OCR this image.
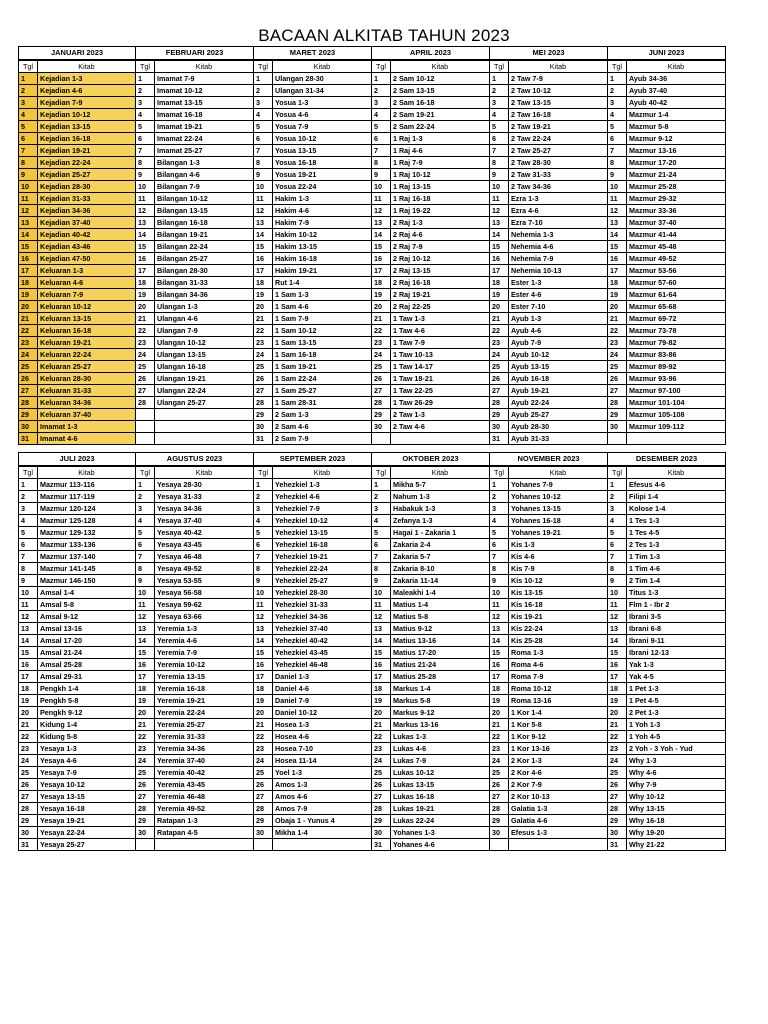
BACAAN ALKITAB TAHUN 2023
JANUARI 2023
Tgl	Kitab
1	Kejadian 1-3
2	Kejadian 4-6
3	Kejadian 7-9
4	Kejadian 10-12
5	Kejadian 13-15
6	Kejadian 16-18
7	Kejadian 19-21
8	Kejadian 22-24
9	Kejadian 25-27
10	Kejadian 28-30
11	Kejadian 31-33
12	Kejadian 34-36
13	Kejadian 37-40
14	Kejadian 40-42
15	Kejadian 43-46
16	Kejadian 47-50
17	Keluaran 1-3
18	Keluaran 4-6
19	Keluaran 7-9
20	Keluaran 10-12
21	Keluaran 13-15
22	Keluaran 16-18
23	Keluaran 19-21
24	Keluaran 22-24
25	Keluaran 25-27
26	Keluaran 28-30
27	Keluaran 31-33
28	Keluaran 34-36
29	Keluaran 37-40
30	Imamat 1-3
31	Imamat 4-6
FEBRUARI 2023
Tgl	Kitab
1	Imamat 7-9
2	Imamat 10-12
3	Imamat 13-15
4	Imamat 16-18
5	Imamat 19-21
6	Imamat 22-24
7	Imamat 25-27
8	Bilangan 1-3
9	Bilangan 4-6
10	Bilangan 7-9
11	Bilangan 10-12
12	Bilangan 13-15
13	Bilangan 16-18
14	Bilangan 19-21
15	Bilangan 22-24
16	Bilangan 25-27
17	Bilangan 28-30
18	Bilangan 31-33
19	Bilangan 34-36
20	Ulangan 1-3
21	Ulangan 4-6
22	Ulangan 7-9
23	Ulangan 10-12
24	Ulangan 13-15
25	Ulangan 16-18
26	Ulangan 19-21
27	Ulangan 22-24
28	Ulangan 25-27

MARET 2023
Tgl	Kitab
1	Ulangan 28-30
2	Ulangan 31-34
3	Yosua 1-3
4	Yosua 4-6
5	Yosua 7-9
6	Yosua 10-12
7	Yosua 13-15
8	Yosua 16-18
9	Yosua 19-21
10	Yosua 22-24
11	Hakim 1-3
12	Hakim 4-6
13	Hakim 7-9
14	Hakim 10-12
15	Hakim 13-15
16	Hakim 16-18
17	Hakim 19-21
18	Rut 1-4
19	1 Sam 1-3
20	1 Sam 4-6
21	1 Sam 7-9
22	1 Sam 10-12
23	1 Sam 13-15
24	1 Sam 16-18
25	1 Sam 19-21
26	1 Sam 22-24
27	1 Sam 25-27
28	1 Sam 28-31
29	2 Sam 1-3
30	2 Sam 4-6
31	2 Sam 7-9
APRIL 2023
Tgl	Kitab
1	2 Sam 10-12
2	2 Sam 13-15
3	2 Sam 16-18
4	2 Sam 19-21
5	2 Sam 22-24
6	1 Raj 1-3
7	1 Raj 4-6
8	1 Raj 7-9
9	1 Raj 10-12
10	1 Raj 13-15
11	1 Raj 16-18
12	1 Raj 19-22
13	2 Raj 1-3
14	2 Raj 4-6
15	2 Raj 7-9
16	2 Raj 10-12
17	2 Raj 13-15
18	2 Raj 16-18
19	2 Raj 19-21
20	2 Raj 22-25
21	1 Taw 1-3
22	1 Taw 4-6
23	1 Taw 7-9
24	1 Taw 10-13
25	1 Taw 14-17
26	1 Taw 18-21
27	1 Taw 22-25
28	1 Taw 26-29
29	2 Taw 1-3
30	2 Taw 4-6

MEI 2023
Tgl	Kitab
1	2 Taw 7-9
2	2 Taw 10-12
3	2 Taw 13-15
4	2 Taw 16-18
5	2 Taw 19-21
6	2 Taw 22-24
7	2 Taw 25-27
8	2 Taw 28-30
9	2 Taw 31-33
10	2 Taw 34-36
11	Ezra 1-3
12	Ezra 4-6
13	Ezra 7-10
14	Nehemia 1-3
15	Nehemia 4-6
16	Nehemia 7-9
17	Nehemia 10-13
18	Ester 1-3
19	Ester 4-6
20	Ester 7-10
21	Ayub 1-3
22	Ayub 4-6
23	Ayub 7-9
24	Ayub 10-12
25	Ayub 13-15
26	Ayub 16-18
27	Ayub 19-21
28	Ayub 22-24
29	Ayub 25-27
30	Ayub 28-30
31	Ayub 31-33
JUNI 2023
Tgl	Kitab
1	Ayub 34-36
2	Ayub 37-40
3	Ayub 40-42
4	Mazmur 1-4
5	Mazmur 5-8
6	Mazmur 9-12
7	Mazmur 13-16
8	Mazmur 17-20
9	Mazmur 21-24
10	Mazmur 25-28
11	Mazmur 29-32
12	Mazmur 33-36
13	Mazmur 37-40
14	Mazmur 41-44
15	Mazmur 45-48
16	Mazmur 49-52
17	Mazmur 53-56
18	Mazmur 57-60
19	Mazmur 61-64
20	Mazmur 65-68
21	Mazmur 69-72
22	Mazmur 73-78
23	Mazmur 79-82
24	Mazmur 83-86
25	Mazmur 89-92
26	Mazmur 93-96
27	Mazmur 97-100
28	Mazmur 101-104
29	Mazmur 105-108
30	Mazmur 109-112

JULI 2023
Tgl	Kitab
1	Mazmur 113-116
2	Mazmur 117-119
3	Mazmur 120-124
4	Mazmur 125-128
5	Mazmur 129-132
6	Mazmur 133-136
7	Mazmur 137-140
8	Mazmur 141-145
9	Mazmur 146-150
10	Amsal 1-4
11	Amsal 5-8
12	Amsal 9-12
13	Amsal 13-16
14	Amsal 17-20
15	Amsal 21-24
16	Amsal 25-28
17	Amsal 29-31
18	Pengkh 1-4
19	Pengkh 5-8
20	Pengkh 9-12
21	Kidung 1-4
22	Kidung 5-8
23	Yesaya 1-3
24	Yesaya 4-6
25	Yesaya 7-9
26	Yesaya 10-12
27	Yesaya 13-15
28	Yesaya 16-18
29	Yesaya 19-21
30	Yesaya 22-24
31	Yesaya 25-27
AGUSTUS 2023
Tgl	Kitab
1	Yesaya 28-30
2	Yesaya 31-33
3	Yesaya 34-36
4	Yesaya 37-40
5	Yesaya 40-42
6	Yesaya 43-45
7	Yesaya 46-48
8	Yesaya 49-52
9	Yesaya 53-55
10	Yesaya 56-58
11	Yesaya 59-62
12	Yesaya 63-66
13	Yeremia 1-3
14	Yeremia 4-6
15	Yeremia 7-9
16	Yeremia 10-12
17	Yeremia 13-15
18	Yeremia 16-18
19	Yeremia 19-21
20	Yeremia 22-24
21	Yeremia 25-27
22	Yeremia 31-33
23	Yeremia 34-36
24	Yeremia 37-40
25	Yeremia 40-42
26	Yeremia 43-45
27	Yeremia 46-48
28	Yeremia 49-52
29	Ratapan 1-3
30	Ratapan 4-5

SEPTEMBER 2023
Tgl	Kitab
1	Yehezkiel 1-3
2	Yehezkiel 4-6
3	Yehezkiel 7-9
4	Yehezkiel 10-12
5	Yehezkiel 13-15
6	Yehezkiel 16-18
7	Yehezkiel 19-21
8	Yehezkiel 22-24
9	Yehezkiel 25-27
10	Yehezkiel 28-30
11	Yehezkiel 31-33
12	Yehezkiel 34-36
13	Yehezkiel 37-40
14	Yehezkiel 40-42
15	Yehezkiel 43-45
16	Yehezkiel 46-48
17	Daniel 1-3
18	Daniel 4-6
19	Daniel 7-9
20	Daniel 10-12
21	Hosea 1-3
22	Hosea 4-6
23	Hosea 7-10
24	Hosea 11-14
25	Yoel 1-3
26	Amos 1-3
27	Amos 4-6
28	Amos 7-9
29	Obaja 1 - Yunus 4
30	Mikha 1-4

OKTOBER 2023
Tgl	Kitab
1	Mikha 5-7
2	Nahum 1-3
3	Habakuk 1-3
4	Zefanya 1-3
5	Hagai 1 - Zakaria 1
6	Zakaria 2-4
7	Zakaria 5-7
8	Zakaria 8-10
9	Zakaria 11-14
10	Maleakhi 1-4
11	Matius 1-4
12	Matius 5-8
13	Matius 9-12
14	Matius 13-16
15	Matius 17-20
16	Matius 21-24
17	Matius 25-28
18	Markus 1-4
19	Markus 5-8
20	Markus 9-12
21	Markus 13-16
22	Lukas 1-3
23	Lukas 4-6
24	Lukas 7-9
25	Lukas 10-12
26	Lukas 13-15
27	Lukas 16-18
28	Lukas 19-21
29	Lukas 22-24
30	Yohanes 1-3
31	Yohanes 4-6
NOVEMBER 2023
Tgl	Kitab
1	Yohanes 7-9
2	Yohanes 10-12
3	Yohanes 13-15
4	Yohanes 16-18
5	Yohanes 19-21
6	Kis 1-3
7	Kis 4-6
8	Kis 7-9
9	Kis 10-12
10	Kis 13-15
11	Kis 16-18
12	Kis 19-21
13	Kis 22-24
14	Kis 25-28
15	Roma 1-3
16	Roma 4-6
17	Roma 7-9
18	Roma 10-12
19	Roma 13-16
20	1 Kor 1-4
21	1 Kor 5-8
22	1 Kor 9-12
23	1 Kor 13-16
24	2 Kor 1-3
25	2 Kor 4-6
26	2 Kor 7-9
27	2 Kor 10-13
28	Galatia 1-3
29	Galatia 4-6
30	Efesus 1-3

DESEMBER 2023
Tgl	Kitab
1	Efesus 4-6
2	Filipi 1-4
3	Kolose 1-4
4	1 Tes 1-3
5	1 Tes 4-5
6	2 Tes 1-3
7	1 Tim 1-3
8	1 Tim 4-6
9	2 Tim 1-4
10	Titus 1-3
11	Flm 1 - Ibr 2
12	Ibrani 3-5
13	Ibrani 6-8
14	Ibrani 9-11
15	Ibrani 12-13
16	Yak 1-3
17	Yak 4-5
18	1 Pet 1-3
19	1 Pet 4-5
20	2 Pet 1-3
21	1 Yoh 1-3
22	1 Yoh 4-5
23	2 Yoh - 3 Yoh - Yud
24	Why 1-3
25	Why 4-6
26	Why 7-9
27	Why 10-12
28	Why 13-15
29	Why 16-18
30	Why 19-20
31	Why 21-22
